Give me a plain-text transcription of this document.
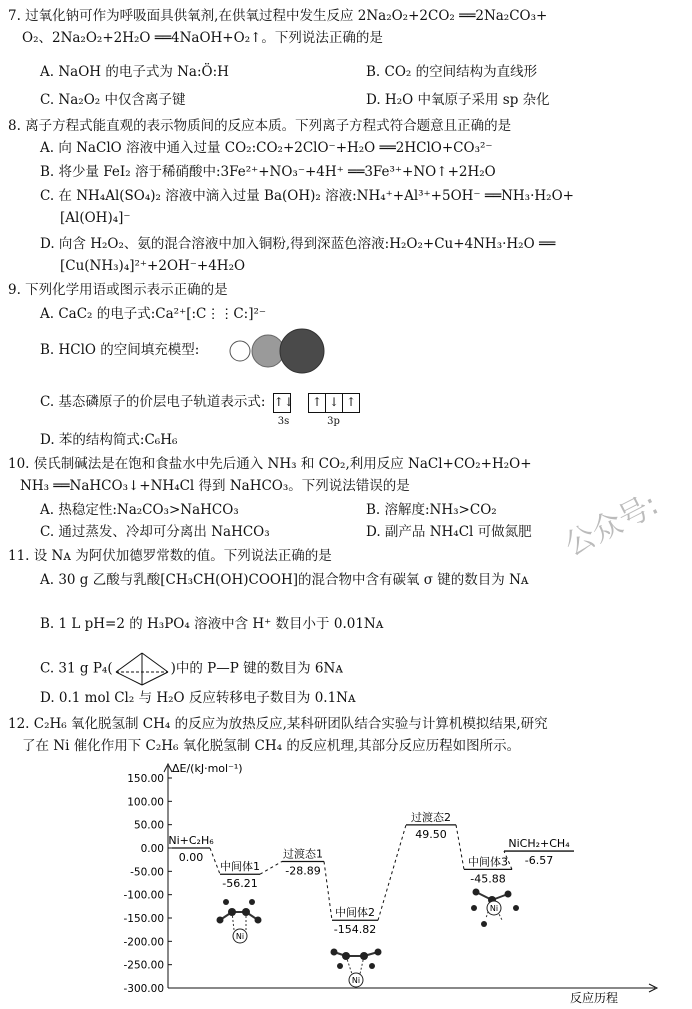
7. 过氧化钠可作为呼吸面具供氧剂,在供氧过程中发生反应 2Na₂O₂+2CO₂ ══2Na₂CO₃+
O₂、2Na₂O₂+2H₂O ══4NaOH+O₂↑。下列说法正确的是
A. NaOH 的电子式为 Na:Ö:H	B. CO₂ 的空间结构为直线形
C. Na₂O₂ 中仅含离子键	D. H₂O 中氧原子采用 sp 杂化
8. 离子方程式能直观的表示物质间的反应本质。下列离子方程式符合题意且正确的是
A. 向 NaClO 溶液中通入过量 CO₂:CO₂+2ClO⁻+H₂O ══2HClO+CO₃²⁻
B. 将少量 FeI₂ 溶于稀硝酸中:3Fe²⁺+NO₃⁻+4H⁺ ══3Fe³⁺+NO↑+2H₂O
C. 在 NH₄Al(SO₄)₂ 溶液中滴入过量 Ba(OH)₂ 溶液:NH₄⁺+Al³⁺+5OH⁻ ══NH₃·H₂O+
[Al(OH)₄]⁻
D. 向含 H₂O₂、氨的混合溶液中加入铜粉,得到深蓝色溶液:H₂O₂+Cu+4NH₃·H₂O ══
[Cu(NH₃)₄]²⁺+2OH⁻+4H₂O
9. 下列化学用语或图示表示正确的是
A. CaC₂ 的电子式:Ca²⁺[:C⋮⋮C:]²⁻
B. HClO 的空间填充模型:
C. 基态磷原子的价层电子轨道表示式: ↑↓
3s
↑ ↓ ↑
3p
D. 苯的结构简式:C₆H₆
10. 侯氏制碱法是在饱和食盐水中先后通入 NH₃ 和 CO₂,利用反应 NaCl+CO₂+H₂O+
NH₃ ══NaHCO₃↓+NH₄Cl 得到 NaHCO₃。下列说法错误的是
A. 热稳定性:Na₂CO₃>NaHCO₃	B. 溶解度:NH₃>CO₂
C. 通过蒸发、冷却可分离出 NaHCO₃	D. 副产品 NH₄Cl 可做氮肥 公众号:
11. 设 Nᴀ 为阿伏加德罗常数的值。下列说法正确的是
A. 30 g 乙酸与乳酸[CH₃CH(OH)COOH]的混合物中含有碳氧 σ 键的数目为 Nᴀ
B. 1 L pH=2 的 H₃PO₄ 溶液中含 H⁺ 数目小于 0.01Nᴀ
C. 31 g P₄(	)中的 P—P 键的数目为 6Nᴀ
D. 0.1 mol Cl₂ 与 H₂O 反应转移电子数目为 0.1Nᴀ
12. C₂H₆ 氧化脱氢制 CH₄ 的反应为放热反应,某科研团队结合实验与计算机模拟结果,研究
了在 Ni 催化作用下 C₂H₆ 氧化脱氢制 CH₄ 的反应机理,其部分反应历程如图所示。
150.00
100.00
50.00
0.00
-50.00
-100.00
-150.00
-200.00
-250.00
-300.00
ΔE/(kJ·mol⁻¹)
反应历程
Ni+C₂H₆
0.00
中间体1
-56.21
过渡态1
-28.89
中间体2
-154.82
过渡态2
49.50
中间体3
-45.88
NiCH₂+CH₄
-6.57
Ni
Ni
Ni
